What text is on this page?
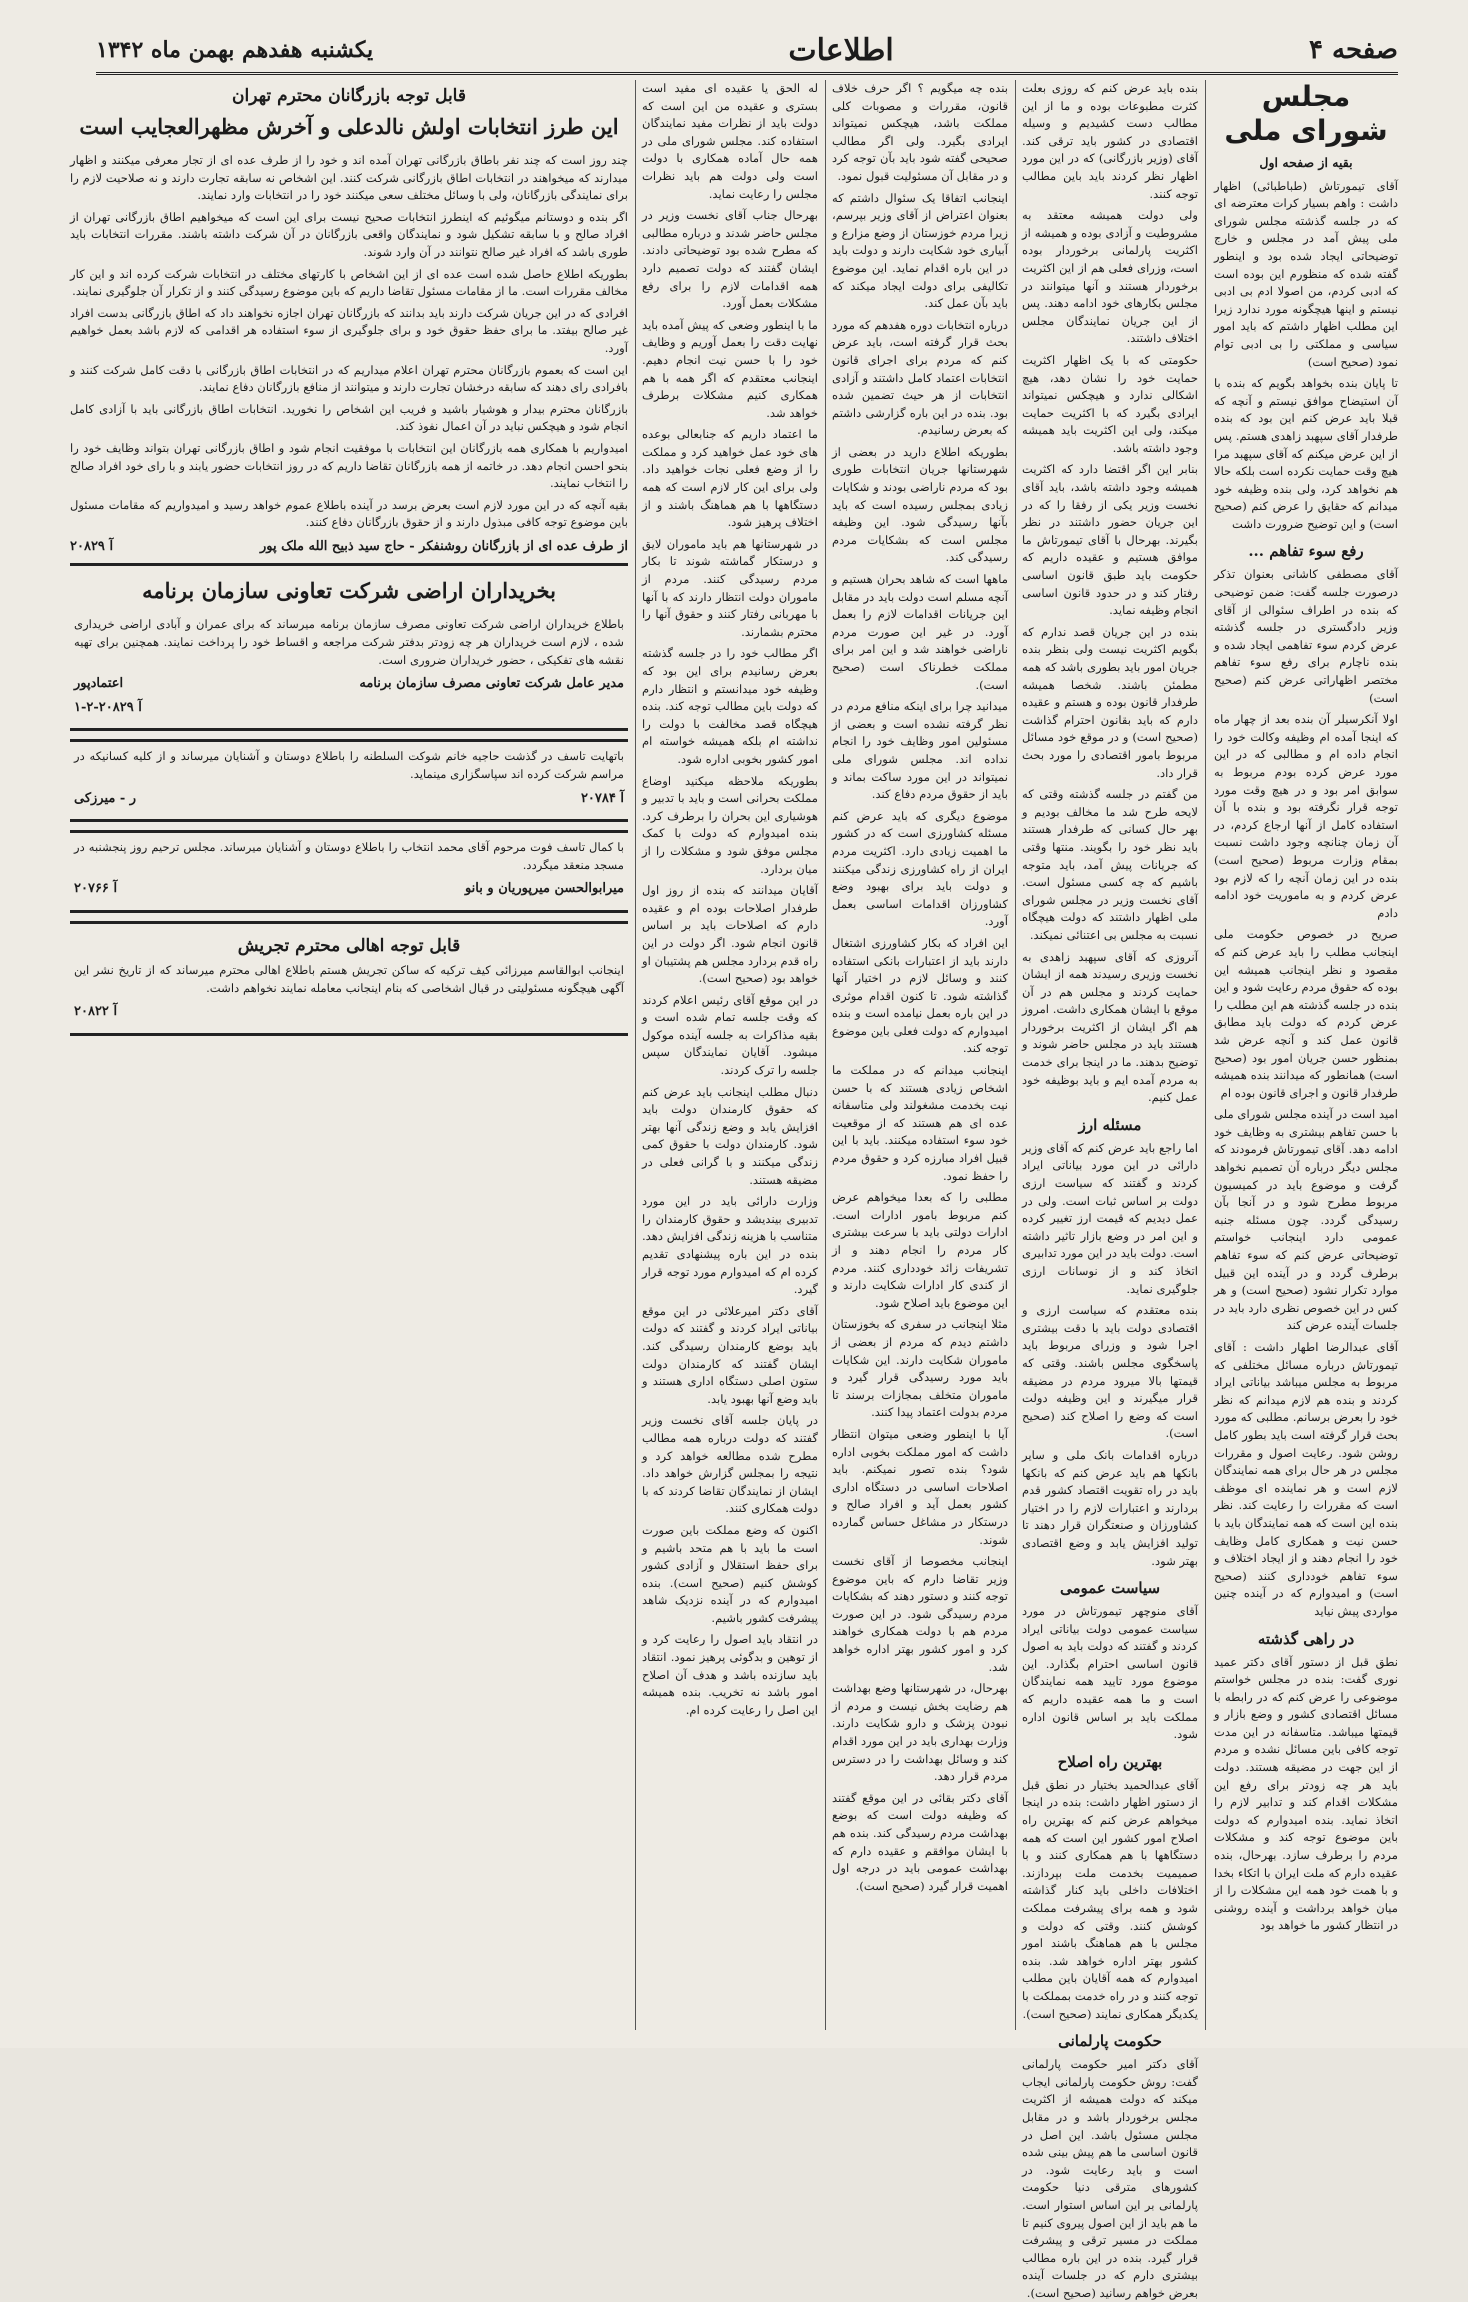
صفحه ۴
اطلاعات
یکشنبه هفدهم بهمن ماه ۱۳۴۲
مجلس شورای ملی
بقیه از صفحه اول

آقای تیمورتاش (طباطبائی) اظهار داشت : واهم بسیار کرات معترضه ای که در جلسه گذشته مجلس شورای ملی پیش آمد در مجلس و خارج توضیحاتی ایجاد شده بود و اینطور گفته شده که منظورم این بوده است که ادبی کردم، من اصولا ادم بی ادبی نیستم و اینها هیچگونه مورد ندارد زیرا این مطلب اظهار داشتم که باید امور سیاسی و مملکتی را بی ادبی توام نمود (صحیح است)

تا پایان بنده بخواهد بگویم که بنده با آن استیضاح موافق نیستم و آنچه که قبلا باید عرض کنم این بود که بنده طرفدار آقای سپهبد زاهدی هستم. پس از این عرض میکنم که آقای سپهبد مرا هیچ وقت حمایت نکرده است بلکه حالا هم نخواهد کرد، ولی بنده وظیفه خود میدانم که حقایق را عرض کنم (صحیح است) و این توضیح ضرورت داشت

رفع سوء تفاهم ...

آقای مصطفی کاشانی بعنوان تذکر درصورت جلسه گفت: ضمن توضیحی که بنده در اطراف سئوالی از آقای وزیر دادگستری در جلسه گذشته عرض کردم سوء تفاهمی ایجاد شده و بنده ناچارم برای رفع سوء تفاهم مختصر اظهاراتی عرض کنم (صحیح است)

اولا آنکرسیلر آن بنده بعد از چهار ماه که اینجا آمده ام وظیفه وکالت خود را انجام داده ام و مطالبی که در این مورد عرض کرده بودم مربوط به سوابق امر بود و در هیچ وقت مورد توجه قرار نگرفته بود و بنده با آن استفاده کامل از آنها ارجاع کردم، در آن زمان چنانچه وجود داشت نسبت بمقام وزارت مربوط (صحیح است) بنده در این زمان آنچه را که لازم بود عرض کردم و به ماموریت خود ادامه دادم

صریح در خصوص حکومت ملی اینجانب مطلب را باید عرض کنم که مقصود و نظر اینجانب همیشه این بوده که حقوق مردم رعایت شود و این بنده در جلسه گذشته هم این مطلب را عرض کردم که دولت باید مطابق قانون عمل کند و آنچه عرض شد بمنظور حسن جریان امور بود (صحیح است) همانطور که میدانند بنده همیشه طرفدار قانون و اجرای قانون بوده ام

امید است در آینده مجلس شورای ملی با حسن تفاهم بیشتری به وظایف خود ادامه دهد. آقای تیمورتاش فرمودند که مجلس دیگر درباره آن تصمیم نخواهد گرفت و موضوع باید در کمیسیون مربوط مطرح شود و در آنجا بآن رسیدگی گردد. چون مسئله جنبه عمومی دارد اینجانب خواستم توضیحاتی عرض کنم که سوء تفاهم برطرف گردد و در آینده این قبیل موارد تکرار نشود (صحیح است) و هر کس در این خصوص نظری دارد باید در جلسات آینده عرض کند

آقای عبدالرضا اطهار داشت : آقای تیمورتاش درباره مسائل مختلفی که مربوط به مجلس میباشد بیاناتی ایراد کردند و بنده هم لازم میدانم که نظر خود را بعرض برسانم. مطلبی که مورد بحث قرار گرفته است باید بطور کامل روشن شود. رعایت اصول و مقررات مجلس در هر حال برای همه نمایندگان لازم است و هر نماینده ای موظف است که مقررات را رعایت کند. نظر بنده این است که همه نمایندگان باید با حسن نیت و همکاری کامل وظایف خود را انجام دهند و از ایجاد اختلاف و سوء تفاهم خودداری کنند (صحیح است) و امیدوارم که در آینده چنین مواردی پیش نیاید

در راهی گذشته

نطق قبل از دستور آقای دکتر عمید نوری گفت: بنده در مجلس خواستم موضوعی را عرض کنم که در رابطه با مسائل اقتصادی کشور و وضع بازار و قیمتها میباشد. متاسفانه در این مدت توجه کافی باین مسائل نشده و مردم از این جهت در مضیقه هستند. دولت باید هر چه زودتر برای رفع این مشکلات اقدام کند و تدابیر لازم را اتخاذ نماید. بنده امیدوارم که دولت باین موضوع توجه کند و مشکلات مردم را برطرف سازد. بهرحال، بنده عقیده دارم که ملت ایران با اتکاء بخدا و با همت خود همه این مشکلات را از میان خواهد برداشت و آینده روشنی در انتظار کشور ما خواهد بود

بنده باید عرض کنم که روزی بعلت کثرت مطبوعات بوده و ما از این مطالب دست کشیدیم و وسیله اقتصادی در کشور باید ترقی کند. آقای (وزیر بازرگانی) که در این مورد اظهار نظر کردند باید باین مطالب توجه کنند.

ولی دولت همیشه معتقد به مشروطیت و آزادی بوده و همیشه از اکثریت پارلمانی برخوردار بوده است، وزرای فعلی هم از این اکثریت برخوردار هستند و آنها میتوانند در مجلس بکارهای خود ادامه دهند. پس از این جریان نمایندگان مجلس اختلاف داشتند.

حکومتی که با یک اظهار اکثریت حمایت خود را نشان دهد، هیچ اشکالی ندارد و هیچکس نمیتواند ایرادی بگیرد که با اکثریت حمایت میکند، ولی این اکثریت باید همیشه وجود داشته باشد.

بنابر این اگر اقتضا دارد که اکثریت همیشه وجود داشته باشد، باید آقای نخست وزیر یکی از رفقا را که در این جریان حضور داشتند در نظر بگیرند. بهرحال با آقای تیمورتاش ما موافق هستیم و عقیده داریم که حکومت باید طبق قانون اساسی رفتار کند و در حدود قانون اساسی انجام وظیفه نماید.

بنده در این جریان قصد ندارم که بگویم اکثریت نیست ولی بنظر بنده جریان امور باید بطوری باشد که همه مطمئن باشند. شخصا همیشه طرفدار قانون بوده و هستم و عقیده دارم که باید بقانون احترام گذاشت (صحیح است) و در موقع خود مسائل مربوط بامور اقتصادی را مورد بحث قرار داد.

من گفتم در جلسه گذشته وقتی که لایحه طرح شد ما مخالف بودیم و بهر حال کسانی که طرفدار هستند باید نظر خود را بگویند. منتها وقتی که جریانات پیش آمد، باید متوجه باشیم که چه کسی مسئول است. آقای نخست وزیر در مجلس شورای ملی اظهار داشتند که دولت هیچگاه نسبت به مجلس بی اعتنائی نمیکند.

آنروزی که آقای سپهبد زاهدی به نخست وزیری رسیدند همه از ایشان حمایت کردند و مجلس هم در آن موقع با ایشان همکاری داشت. امروز هم اگر ایشان از اکثریت برخوردار هستند باید در مجلس حاضر شوند و توضیح بدهند. ما در اینجا برای خدمت به مردم آمده ایم و باید بوظیفه خود عمل کنیم.

مسئله ارز

اما راجع باید عرض کنم که آقای وزیر دارائی در این مورد بیاناتی ایراد کردند و گفتند که سیاست ارزی دولت بر اساس ثبات است. ولی در عمل دیدیم که قیمت ارز تغییر کرده و این امر در وضع بازار تاثیر داشته است. دولت باید در این مورد تدابیری اتخاذ کند و از نوسانات ارزی جلوگیری نماید.

بنده معتقدم که سیاست ارزی و اقتصادی دولت باید با دقت بیشتری اجرا شود و وزرای مربوط باید پاسخگوی مجلس باشند. وقتی که قیمتها بالا میرود مردم در مضیقه قرار میگیرند و این وظیفه دولت است که وضع را اصلاح کند (صحیح است).

درباره اقدامات بانک ملی و سایر بانکها هم باید عرض کنم که بانکها باید در راه تقویت اقتصاد کشور قدم بردارند و اعتبارات لازم را در اختیار کشاورزان و صنعتگران قرار دهند تا تولید افزایش یابد و وضع اقتصادی بهتر شود.

سیاست عمومی

آقای منوچهر تیمورتاش در مورد سیاست عمومی دولت بیاناتی ایراد کردند و گفتند که دولت باید به اصول قانون اساسی احترام بگذارد. این موضوع مورد تایید همه نمایندگان است و ما همه عقیده داریم که مملکت باید بر اساس قانون اداره شود.

بهترین راه اصلاح

آقای عبدالحمید بختیار در نطق قبل از دستور اظهار داشت: بنده در اینجا میخواهم عرض کنم که بهترین راه اصلاح امور کشور این است که همه دستگاهها با هم همکاری کنند و با صمیمیت بخدمت ملت بپردازند. اختلافات داخلی باید کنار گذاشته شود و همه برای پیشرفت مملکت کوشش کنند. وقتی که دولت و مجلس با هم هماهنگ باشند امور کشور بهتر اداره خواهد شد. بنده امیدوارم که همه آقایان باین مطلب توجه کنند و در راه خدمت بمملکت با یکدیگر همکاری نمایند (صحیح است).

حکومت پارلمانی

آقای دکتر امیر حکومت پارلمانی گفت: روش حکومت پارلمانی ایجاب میکند که دولت همیشه از اکثریت مجلس برخوردار باشد و در مقابل مجلس مسئول باشد. این اصل در قانون اساسی ما هم پیش بینی شده است و باید رعایت شود. در کشورهای مترقی دنیا حکومت پارلمانی بر این اساس استوار است. ما هم باید از این اصول پیروی کنیم تا مملکت در مسیر ترقی و پیشرفت قرار گیرد. بنده در این باره مطالب بیشتری دارم که در جلسات آینده بعرض خواهم رسانید (صحیح است).

بنده چه میگویم ؟ اگر حرف خلاف قانون، مقررات و مصوبات کلی مملکت باشد، هیچکس نمیتواند ایرادی بگیرد. ولی اگر مطالب صحیحی گفته شود باید بآن توجه کرد و در مقابل آن مسئولیت قبول نمود.

اینجانب اتفاقا یک سئوال داشتم که بعنوان اعتراض از آقای وزیر بپرسم، زیرا مردم خوزستان از وضع مزارع و آبیاری خود شکایت دارند و دولت باید در این باره اقدام نماید. این موضوع تکالیفی برای دولت ایجاد میکند که باید بآن عمل کند.

درباره انتخابات دوره هفدهم که مورد بحث قرار گرفته است، باید عرض کنم که مردم برای اجرای قانون انتخابات اعتماد کامل داشتند و آزادی انتخابات از هر حیث تضمین شده بود. بنده در این باره گزارشی داشتم که بعرض رسانیدم.

بطوریکه اطلاع دارید در بعضی از شهرستانها جریان انتخابات طوری بود که مردم ناراضی بودند و شکایات زیادی بمجلس رسیده است که باید بآنها رسیدگی شود. این وظیفه مجلس است که بشکایات مردم رسیدگی کند.

ماهها است که شاهد بحران هستیم و آنچه مسلم است دولت باید در مقابل این جریانات اقدامات لازم را بعمل آورد. در غیر این صورت مردم ناراضی خواهند شد و این امر برای مملکت خطرناک است (صحیح است).

میدانید چرا برای اینکه منافع مردم در نظر گرفته نشده است و بعضی از مسئولین امور وظایف خود را انجام نداده اند. مجلس شورای ملی نمیتواند در این مورد ساکت بماند و باید از حقوق مردم دفاع کند.

موضوع دیگری که باید عرض کنم مسئله کشاورزی است که در کشور ما اهمیت زیادی دارد. اکثریت مردم ایران از راه کشاورزی زندگی میکنند و دولت باید برای بهبود وضع کشاورزان اقدامات اساسی بعمل آورد.

این افراد که بکار کشاورزی اشتغال دارند باید از اعتبارات بانکی استفاده کنند و وسائل لازم در اختیار آنها گذاشته شود. تا کنون اقدام موثری در این باره بعمل نیامده است و بنده امیدوارم که دولت فعلی باین موضوع توجه کند.

اینجانب میدانم که در مملکت ما اشخاص زیادی هستند که با حسن نیت بخدمت مشغولند ولی متاسفانه عده ای هم هستند که از موقعیت خود سوء استفاده میکنند. باید با این قبیل افراد مبارزه کرد و حقوق مردم را حفظ نمود.

مطلبی را که بعدا میخواهم عرض کنم مربوط بامور ادارات است. ادارات دولتی باید با سرعت بیشتری کار مردم را انجام دهند و از تشریفات زائد خودداری کنند. مردم از کندی کار ادارات شکایت دارند و این موضوع باید اصلاح شود.

مثلا اینجانب در سفری که بخوزستان داشتم دیدم که مردم از بعضی از ماموران شکایت دارند. این شکایات باید مورد رسیدگی قرار گیرد و ماموران متخلف بمجازات برسند تا مردم بدولت اعتماد پیدا کنند.

آیا با اینطور وضعی میتوان انتظار داشت که امور مملکت بخوبی اداره شود؟ بنده تصور نمیکنم. باید اصلاحات اساسی در دستگاه اداری کشور بعمل آید و افراد صالح و درستکار در مشاغل حساس گمارده شوند.

اینجانب مخصوصا از آقای نخست وزیر تقاضا دارم که باین موضوع توجه کنند و دستور دهند که بشکایات مردم رسیدگی شود. در این صورت مردم هم با دولت همکاری خواهند کرد و امور کشور بهتر اداره خواهد شد.

بهرحال، در شهرستانها وضع بهداشت هم رضایت بخش نیست و مردم از نبودن پزشک و دارو شکایت دارند. وزارت بهداری باید در این مورد اقدام کند و وسائل بهداشت را در دسترس مردم قرار دهد.

آقای دکتر بقائی در این موقع گفتند که وظیفه دولت است که بوضع بهداشت مردم رسیدگی کند. بنده هم با ایشان موافقم و عقیده دارم که بهداشت عمومی باید در درجه اول اهمیت قرار گیرد (صحیح است).

له الحق یا عقیده ای مفید است بستری و عقیده من این است که دولت باید از نظرات مفید نمایندگان استفاده کند. مجلس شورای ملی در همه حال آماده همکاری با دولت است ولی دولت هم باید نظرات مجلس را رعایت نماید.

بهرحال جناب آقای نخست وزیر در مجلس حاضر شدند و درباره مطالبی که مطرح شده بود توضیحاتی دادند. ایشان گفتند که دولت تصمیم دارد همه اقدامات لازم را برای رفع مشکلات بعمل آورد.

ما با اینطور وضعی که پیش آمده باید نهایت دقت را بعمل آوریم و وظایف خود را با حسن نیت انجام دهیم. اینجانب معتقدم که اگر همه با هم همکاری کنیم مشکلات برطرف خواهد شد.

ما اعتماد داریم که جنابعالی بوعده های خود عمل خواهید کرد و مملکت را از وضع فعلی نجات خواهید داد. ولی برای این کار لازم است که همه دستگاهها با هم هماهنگ باشند و از اختلاف پرهیز شود.

در شهرستانها هم باید ماموران لایق و درستکار گماشته شوند تا بکار مردم رسیدگی کنند. مردم از ماموران دولت انتظار دارند که با آنها با مهربانی رفتار کنند و حقوق آنها را محترم بشمارند.

اگر مطالب خود را در جلسه گذشته بعرض رسانیدم برای این بود که وظیفه خود میدانستم و انتظار دارم که دولت باین مطالب توجه کند. بنده هیچگاه قصد مخالفت با دولت را نداشته ام بلکه همیشه خواسته ام امور کشور بخوبی اداره شود.

بطوریکه ملاحظه میکنید اوضاع مملکت بحرانی است و باید با تدبیر و هوشیاری این بحران را برطرف کرد. بنده امیدوارم که دولت با کمک مجلس موفق شود و مشکلات را از میان بردارد.

آقایان میدانند که بنده از روز اول طرفدار اصلاحات بوده ام و عقیده دارم که اصلاحات باید بر اساس قانون انجام شود. اگر دولت در این راه قدم بردارد مجلس هم پشتیبان او خواهد بود (صحیح است).

در این موقع آقای رئیس اعلام کردند که وقت جلسه تمام شده است و بقیه مذاکرات به جلسه آینده موکول میشود. آقایان نمایندگان سپس جلسه را ترک کردند.

دنبال مطلب اینجانب باید عرض کنم که حقوق کارمندان دولت باید افزایش یابد و وضع زندگی آنها بهتر شود. کارمندان دولت با حقوق کمی زندگی میکنند و با گرانی فعلی در مضیقه هستند.

وزارت دارائی باید در این مورد تدبیری بیندیشد و حقوق کارمندان را متناسب با هزینه زندگی افزایش دهد. بنده در این باره پیشنهادی تقدیم کرده ام که امیدوارم مورد توجه قرار گیرد.

آقای دکتر امیرعلائی در این موقع بیاناتی ایراد کردند و گفتند که دولت باید بوضع کارمندان رسیدگی کند. ایشان گفتند که کارمندان دولت ستون اصلی دستگاه اداری هستند و باید وضع آنها بهبود یابد.

در پایان جلسه آقای نخست وزیر گفتند که دولت درباره همه مطالب مطرح شده مطالعه خواهد کرد و نتیجه را بمجلس گزارش خواهد داد. ایشان از نمایندگان تقاضا کردند که با دولت همکاری کنند.

اکنون که وضع مملکت باین صورت است ما باید با هم متحد باشیم و برای حفظ استقلال و آزادی کشور کوشش کنیم (صحیح است). بنده امیدوارم که در آینده نزدیک شاهد پیشرفت کشور باشیم.

در انتقاد باید اصول را رعایت کرد و از توهین و بدگوئی پرهیز نمود. انتقاد باید سازنده باشد و هدف آن اصلاح امور باشد نه تخریب. بنده همیشه این اصل را رعایت کرده ام.

قابل توجه بازرگانان محترم تهران
این طرز انتخابات اولش نالدعلی و آخرش مظهرالعجایب است

چند روز است که چند نفر باطاق بازرگانی تهران آمده اند و خود را از طرف عده ای از تجار معرفی میکنند و اظهار میدارند که میخواهند در انتخابات اطاق بازرگانی شرکت کنند. این اشخاص نه سابقه تجارت دارند و نه صلاحیت لازم را برای نمایندگی بازرگانان، ولی با وسائل مختلف سعی میکنند خود را در انتخابات وارد نمایند.

اگر بنده و دوستانم میگوئیم که اینطرز انتخابات صحیح نیست برای این است که میخواهیم اطاق بازرگانی تهران از افراد صالح و با سابقه تشکیل شود و نمایندگان واقعی بازرگانان در آن شرکت داشته باشند. مقررات انتخابات باید طوری باشد که افراد غیر صالح نتوانند در آن وارد شوند.

بطوریکه اطلاع حاصل شده است عده ای از این اشخاص با کارتهای مختلف در انتخابات شرکت کرده اند و این کار مخالف مقررات است. ما از مقامات مسئول تقاضا داریم که باین موضوع رسیدگی کنند و از تکرار آن جلوگیری نمایند.

افرادی که در این جریان شرکت دارند باید بدانند که بازرگانان تهران اجازه نخواهند داد که اطاق بازرگانی بدست افراد غیر صالح بیفتد. ما برای حفظ حقوق خود و برای جلوگیری از سوء استفاده هر اقدامی که لازم باشد بعمل خواهیم آورد.

این است که بعموم بازرگانان محترم تهران اعلام میداریم که در انتخابات اطاق بازرگانی با دقت کامل شرکت کنند و بافرادی رای دهند که سابقه درخشان تجارت دارند و میتوانند از منافع بازرگانان دفاع نمایند.

بازرگانان محترم بیدار و هوشیار باشید و فریب این اشخاص را نخورید. انتخابات اطاق بازرگانی باید با آزادی کامل انجام شود و هیچکس نباید در آن اعمال نفوذ کند.

امیدواریم با همکاری همه بازرگانان این انتخابات با موفقیت انجام شود و اطاق بازرگانی تهران بتواند وظایف خود را بنحو احسن انجام دهد. در خاتمه از همه بازرگانان تقاضا داریم که در روز انتخابات حضور یابند و با رای خود افراد صالح را انتخاب نمایند.

بقیه آنچه که در این مورد لازم است بعرض برسد در آینده باطلاع عموم خواهد رسید و امیدواریم که مقامات مسئول باین موضوع توجه کافی مبذول دارند و از حقوق بازرگانان دفاع کنند.

از طرف عده ای از بازرگانان روشنفکر - حاج سید ذبیح الله ملک پور
آ ۲۰۸۲۹
بخریداران اراضی شرکت تعاونی سازمان برنامه

باطلاع خریداران اراضی شرکت تعاونی مصرف سازمان برنامه میرساند که برای عمران و آبادی اراضی خریداری شده ، لازم است خریداران هر چه زودتر بدفتر شرکت مراجعه و اقساط خود را پرداخت نمایند. همچنین برای تهیه نقشه های تفکیکی ، حضور خریداران ضروری است.

مدیر عامل شرکت تعاونی مصرف سازمان برنامه
اعتمادپور
آ ۲۰۸۲۹-۲-۱

باتهایت تاسف در گذشت حاجیه خانم شوکت السلطنه را باطلاع دوستان و آشنایان میرساند و از کلیه کسانیکه در مراسم شرکت کرده اند سپاسگزاری مینماید.

آ ۲۰۷۸۴
ر - میرزکی

با کمال تاسف فوت مرحوم آقای محمد انتخاب را باطلاع دوستان و آشنایان میرساند. مجلس ترحیم روز پنجشنبه در مسجد منعقد میگردد.

میرابوالحسن میرپوریان و بانو
آ ۲۰۷۶۶
قابل توجه اهالی محترم تجریش

اینجانب ابوالقاسم میرزائی کیف ترکیه که ساکن تجریش هستم باطلاع اهالی محترم میرساند که از تاریخ نشر این آگهی هیچگونه مسئولیتی در قبال اشخاصی که بنام اینجانب معامله نمایند نخواهم داشت.

آ ۲۰۸۲۲
